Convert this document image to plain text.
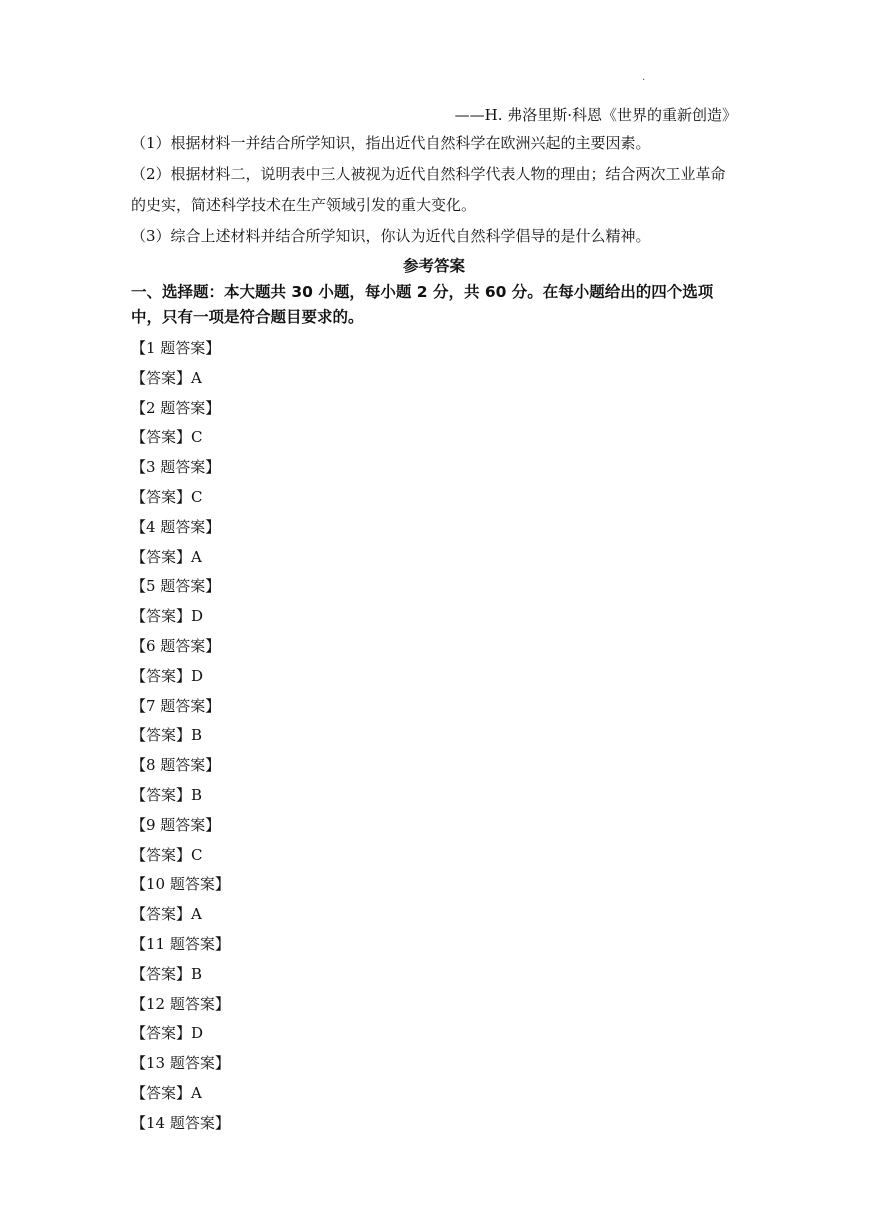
.
——H. 弗洛里斯·科恩《世界的重新创造》
（1）根据材料一并结合所学知识，指出近代自然科学在欧洲兴起的主要因素。
（2）根据材料二，说明表中三人被视为近代自然科学代表人物的理由；结合两次工业革命的史实，简述科学技术在生产领域引发的重大变化。
（3）综合上述材料并结合所学知识，你认为近代自然科学倡导的是什么精神。
参考答案
一、选择题：本大题共 30 小题，每小题 2 分，共 60 分。在每小题给出的四个选项中，只有一项是符合题目要求的。
【1 题答案】
【答案】A
【2 题答案】
【答案】C
【3 题答案】
【答案】C
【4 题答案】
【答案】A
【5 题答案】
【答案】D
【6 题答案】
【答案】D
【7 题答案】
【答案】B
【8 题答案】
【答案】B
【9 题答案】
【答案】C
【10 题答案】
【答案】A
【11 题答案】
【答案】B
【12 题答案】
【答案】D
【13 题答案】
【答案】A
【14 题答案】
